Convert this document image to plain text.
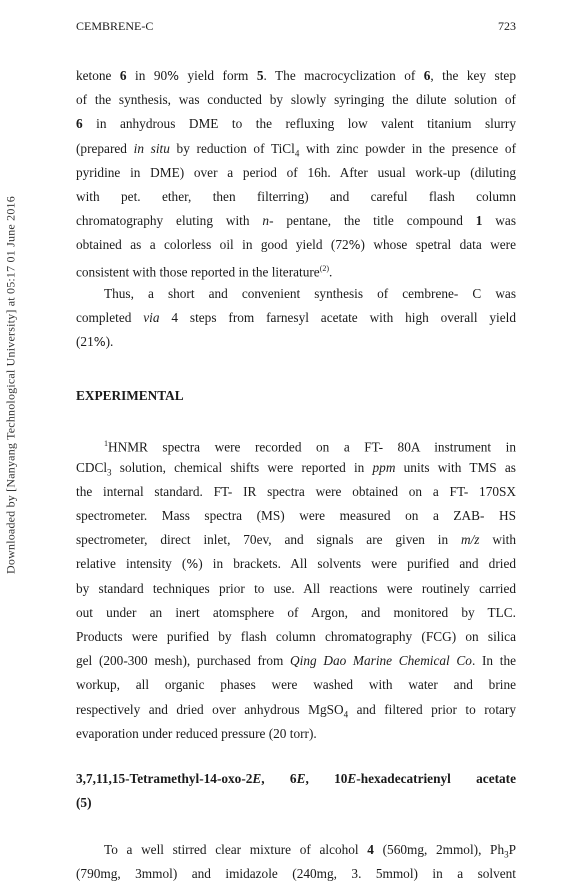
Downloaded by [Nanyang Technological University] at 05:17 01 June 2016
CEMBRENE-C	723
ketone 6 in 90% yield form 5. The macrocyclization of 6, the key step
of the synthesis, was conducted by slowly syringing the dilute solution of
6 in anhydrous DME to the refluxing low valent titanium slurry
(prepared in situ by reduction of TiCl$_4$ with zinc powder in the presence of
pyridine in DME) over a period of 16h. After usual work-up (diluting
with pet. ether, then filterring) and careful flash column
chromatography eluting with n- pentane, the title compound 1 was
obtained as a colorless oil in good yield (72%) whose spetral data were
consistent with those reported in the literature$^{(2)}$.
Thus, a short and convenient synthesis of cembrene- C was
completed via 4 steps from farnesyl acetate with high overall yield
(21%).
EXPERIMENTAL
$^1$HNMR spectra were recorded on a FT- 80A instrument in
CDCl$_3$ solution, chemical shifts were reported in ppm units with TMS as
the internal standard. FT- IR spectra were obtained on a FT- 170SX
spectrometer. Mass spectra (MS) were measured on a ZAB- HS
spectrometer, direct inlet, 70ev, and signals are given in m/z with
relative intensity (%) in brackets. All solvents were purified and dried
by standard techniques prior to use. All reactions were routinely carried
out under an inert atomsphere of Argon, and monitored by TLC.
Products were purified by flash column chromatography (FCG) on silica
gel (200-300 mesh), purchased from Qing Dao Marine Chemical Co. In the
workup, all organic phases were washed with water and brine
respectively and dried over anhydrous MgSO$_4$ and filtered prior to rotary
evaporation under reduced pressure (20 torr).
3,7,11,15-Tetramethyl-14-oxo-2E, 6E, 10E-hexadecatrienyl acetate
(5)
To a well stirred clear mixture of alcohol 4 (560mg, 2mmol), $Ph_3P$
(790mg, 3mmol) and imidazole (240mg, 3. 5mmol) in a solvent
